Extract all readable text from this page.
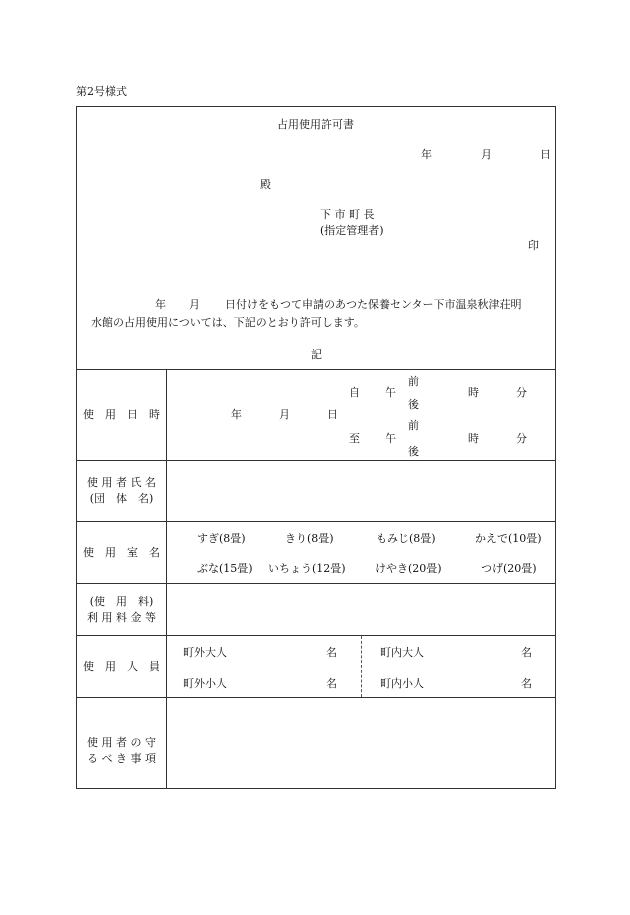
第2号様式
占用使用許可書
年	月	日
殿
下 市 町 長
(指定管理者)
印
年 月 日付けをもつて申請のあつた保養センター下市温泉秋津荘明
水館の占用使用については、下記のとおり許可します。
記
使　用　日　時	年	月	日
前
自 午	時	分
後
前
至 午	時	分
後
使 用 者 氏 名
(団　体　名)
使　用　室　名
すぎ(8畳)	きり(8畳)	もみじ(8畳)	かえで(10畳)
ぶな(15畳) いちょう(12畳)	けやき(20畳)	つげ(20畳)
(使　用　料)
利 用 料 金 等
使　用　人　員
町外大人	名	町内大人	名
町外小人	名	町内小人	名
使 用 者 の 守
る べ き 事 項
